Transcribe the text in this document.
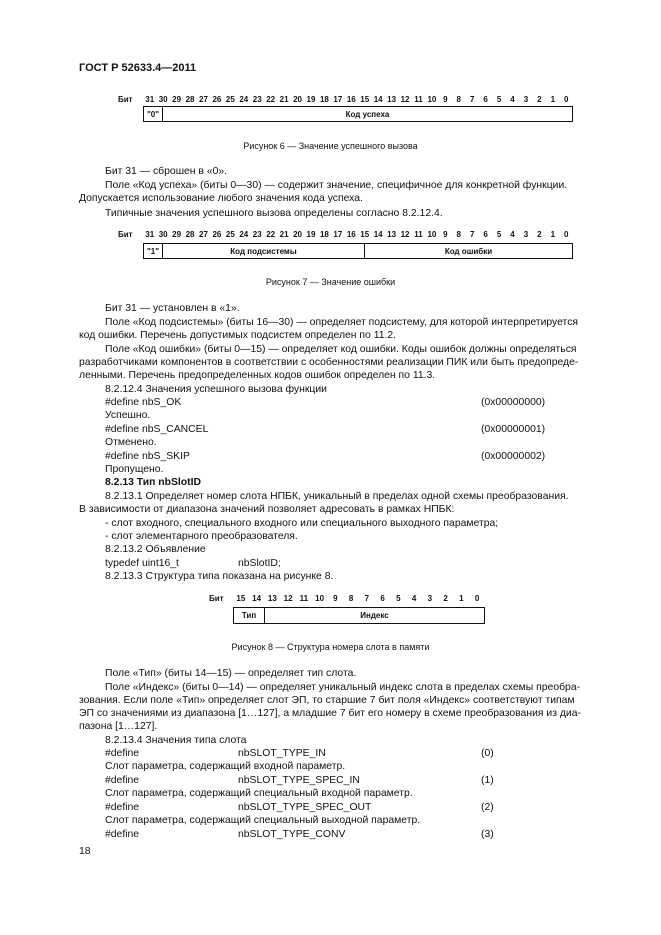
ГОСТ Р 52633.4—2011
Бит 31 30 29 28 27 26 25 24 23 22 21 20 19 18 17 16 15 14 13 12 11 10 9	8	7	6	5	4	3	2	1	0
"0"	Код успеха
Рисунок 6 — Значение успешного вызова
Бит 31 — сброшен в «0».
Поле «Код успеха» (биты 0—30) — содержит значение, специфичное для конкретной функции.
Допускается использование любого значения кода успеха.
Типичные значения успешного вызова определены согласно 8.2.12.4.
Бит 31 30 29 28 27 26 25 24 23 22 21 20 19 18 17 16 15 14 13 12 11 10 9	8	7	6	5	4	3	2	1	0
"1"	Код подсистемы	Код ошибки
Рисунок 7 — Значение ошибки
Бит 31 — установлен в «1».
Поле «Код подсистемы» (биты 16—30) — определяет подсистему, для которой интерпретируется
код ошибки. Перечень допустимых подсистем определен по 11.2.
Поле «Код ошибки» (биты 0—15) — определяет код ошибки. Коды ошибок должны определяться
разработчиками компонентов в соответствии с особенностями реализации ПИК или быть предопреде-
ленными. Перечень предопределенных кодов ошибок определен по 11.3.
8.2.12.4 Значения успешного вызова функции
#define nbS_OK	(0x00000000)
Успешно.
#define nbS_CANCEL	(0x00000001)
Отменено.
#define nbS_SKIP	(0x00000002)
Пропущено.
8.2.13 Тип nbSlotID
8.2.13.1 Определяет номер слота НПБК, уникальный в пределах одной схемы преобразования.
В зависимости от диапазона значений позволяет адресовать в рамках НПБК:
- слот входного, специального входного или специального выходного параметра;
- слот элементарного преобразователя.
8.2.13.2 Объявление
typedef uint16_t	nbSlotID;
8.2.13.3 Структура типа показана на рисунке 8.
Бит	15 14 13 12 11 10	9	8	7	6	5	4	3	2	1	0
Тип	Индекс
Рисунок 8 — Структура номера слота в памяти
Поле «Тип» (биты 14—15) — определяет тип слота.
Поле «Индекс» (биты 0—14) — определяет уникальный индекс слота в пределах схемы преобра-
зования. Если поле «Тип» определяет слот ЭП, то старшие 7 бит поля «Индекс» соответствуют типам
ЭП со значениями из диапазона [1…127], а младшие 7 бит его номеру в схеме преобразования из диа-
пазона [1…127].
8.2.13.4 Значения типа слота
#define	nbSLOT_TYPE_IN	(0)
Слот параметра, содержащий входной параметр.
#define	nbSLOT_TYPE_SPEC_IN	(1)
Слот параметра, содержащий специальный входной параметр.
#define	nbSLOT_TYPE_SPEC_OUT	(2)
Слот параметра, содержащий специальный выходной параметр.
#define	nbSLOT_TYPE_CONV	(3)
18
